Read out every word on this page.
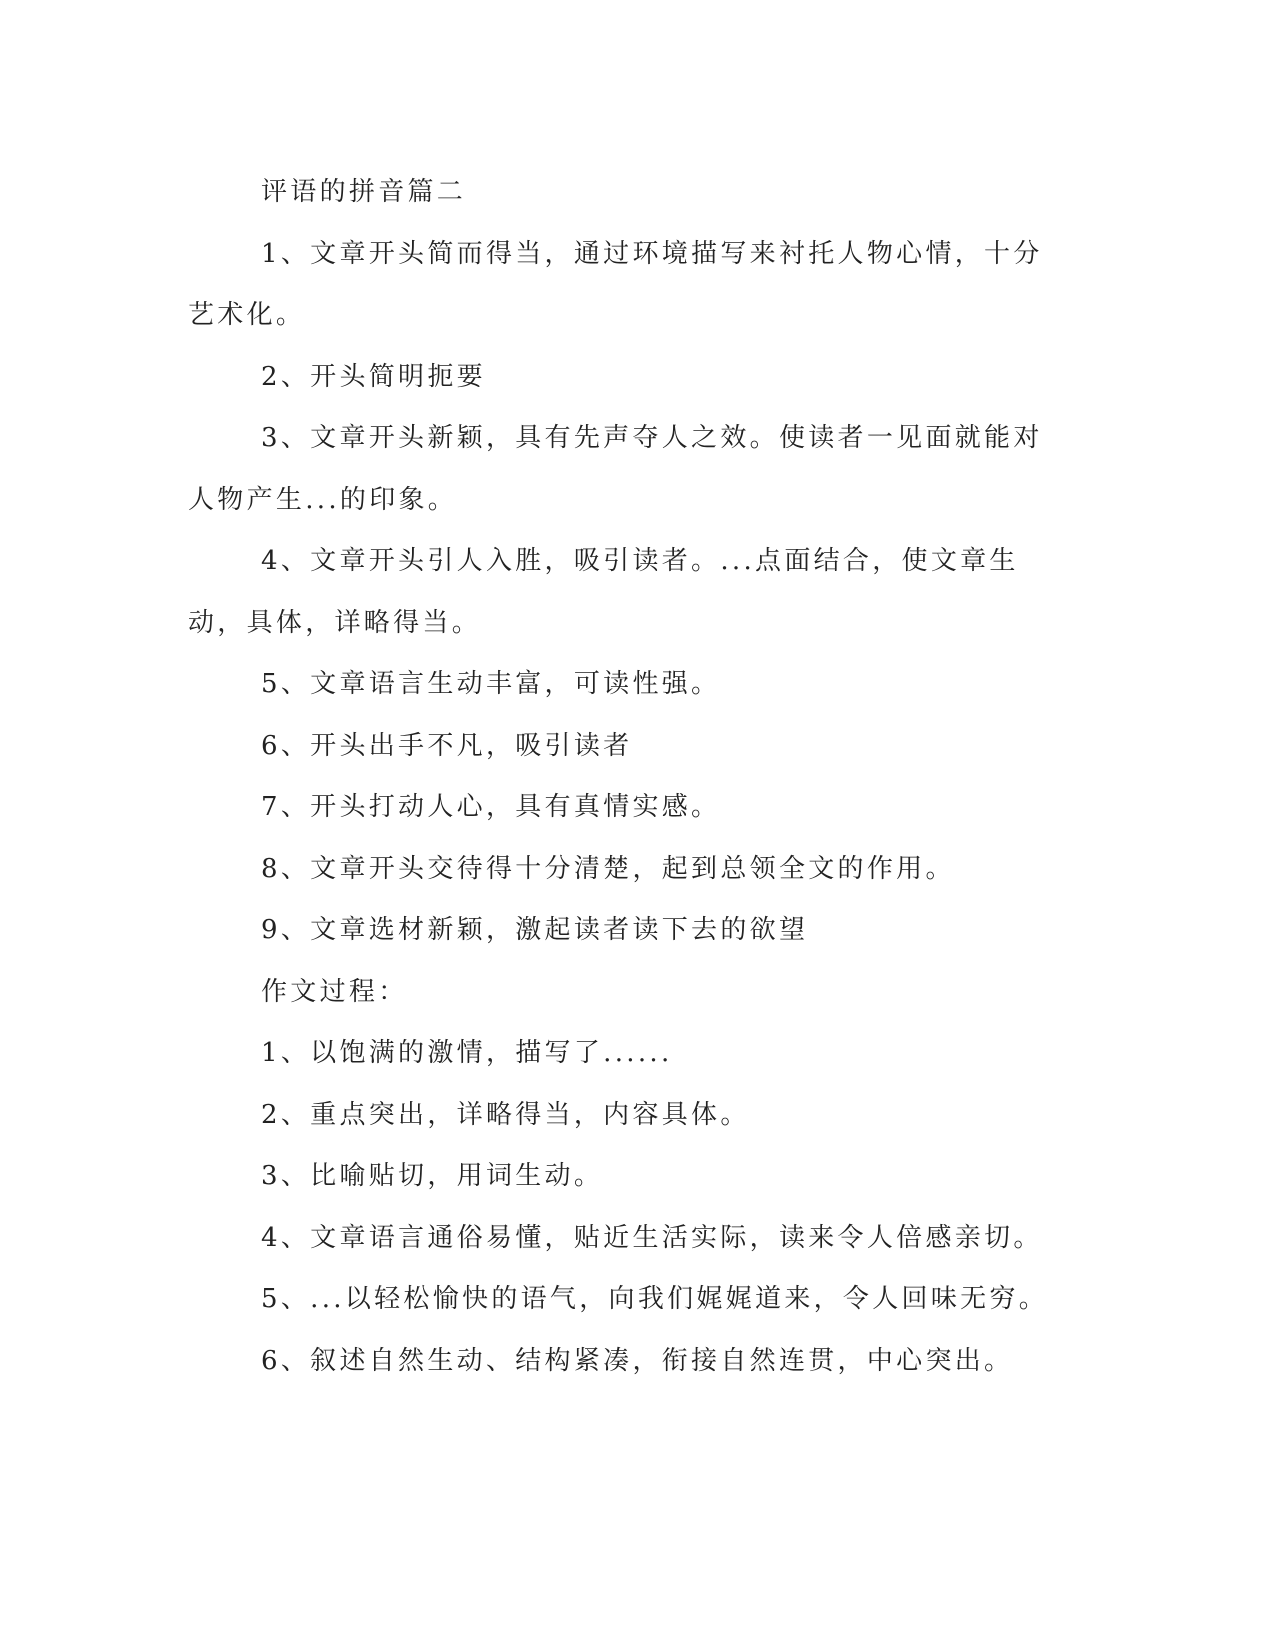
评语的拼音篇二

1、文章开头简而得当，通过环境描写来衬托人物心情，十分艺术化。

2、开头简明扼要

3、文章开头新颖，具有先声夺人之效。使读者一见面就能对人物产生...的印象。

4、文章开头引人入胜，吸引读者。...点面结合，使文章生动，具体，详略得当。

5、文章语言生动丰富，可读性强。

6、开头出手不凡，吸引读者

7、开头打动人心，具有真情实感。

8、文章开头交待得十分清楚，起到总领全文的作用。

9、文章选材新颖，激起读者读下去的欲望

作文过程：

1、以饱满的激情，描写了......

2、重点突出，详略得当，内容具体。

3、比喻贴切，用词生动。

4、文章语言通俗易懂，贴近生活实际，读来令人倍感亲切。

5、...以轻松愉快的语气，向我们娓娓道来，令人回味无穷。

6、叙述自然生动、结构紧凑，衔接自然连贯，中心突出。
